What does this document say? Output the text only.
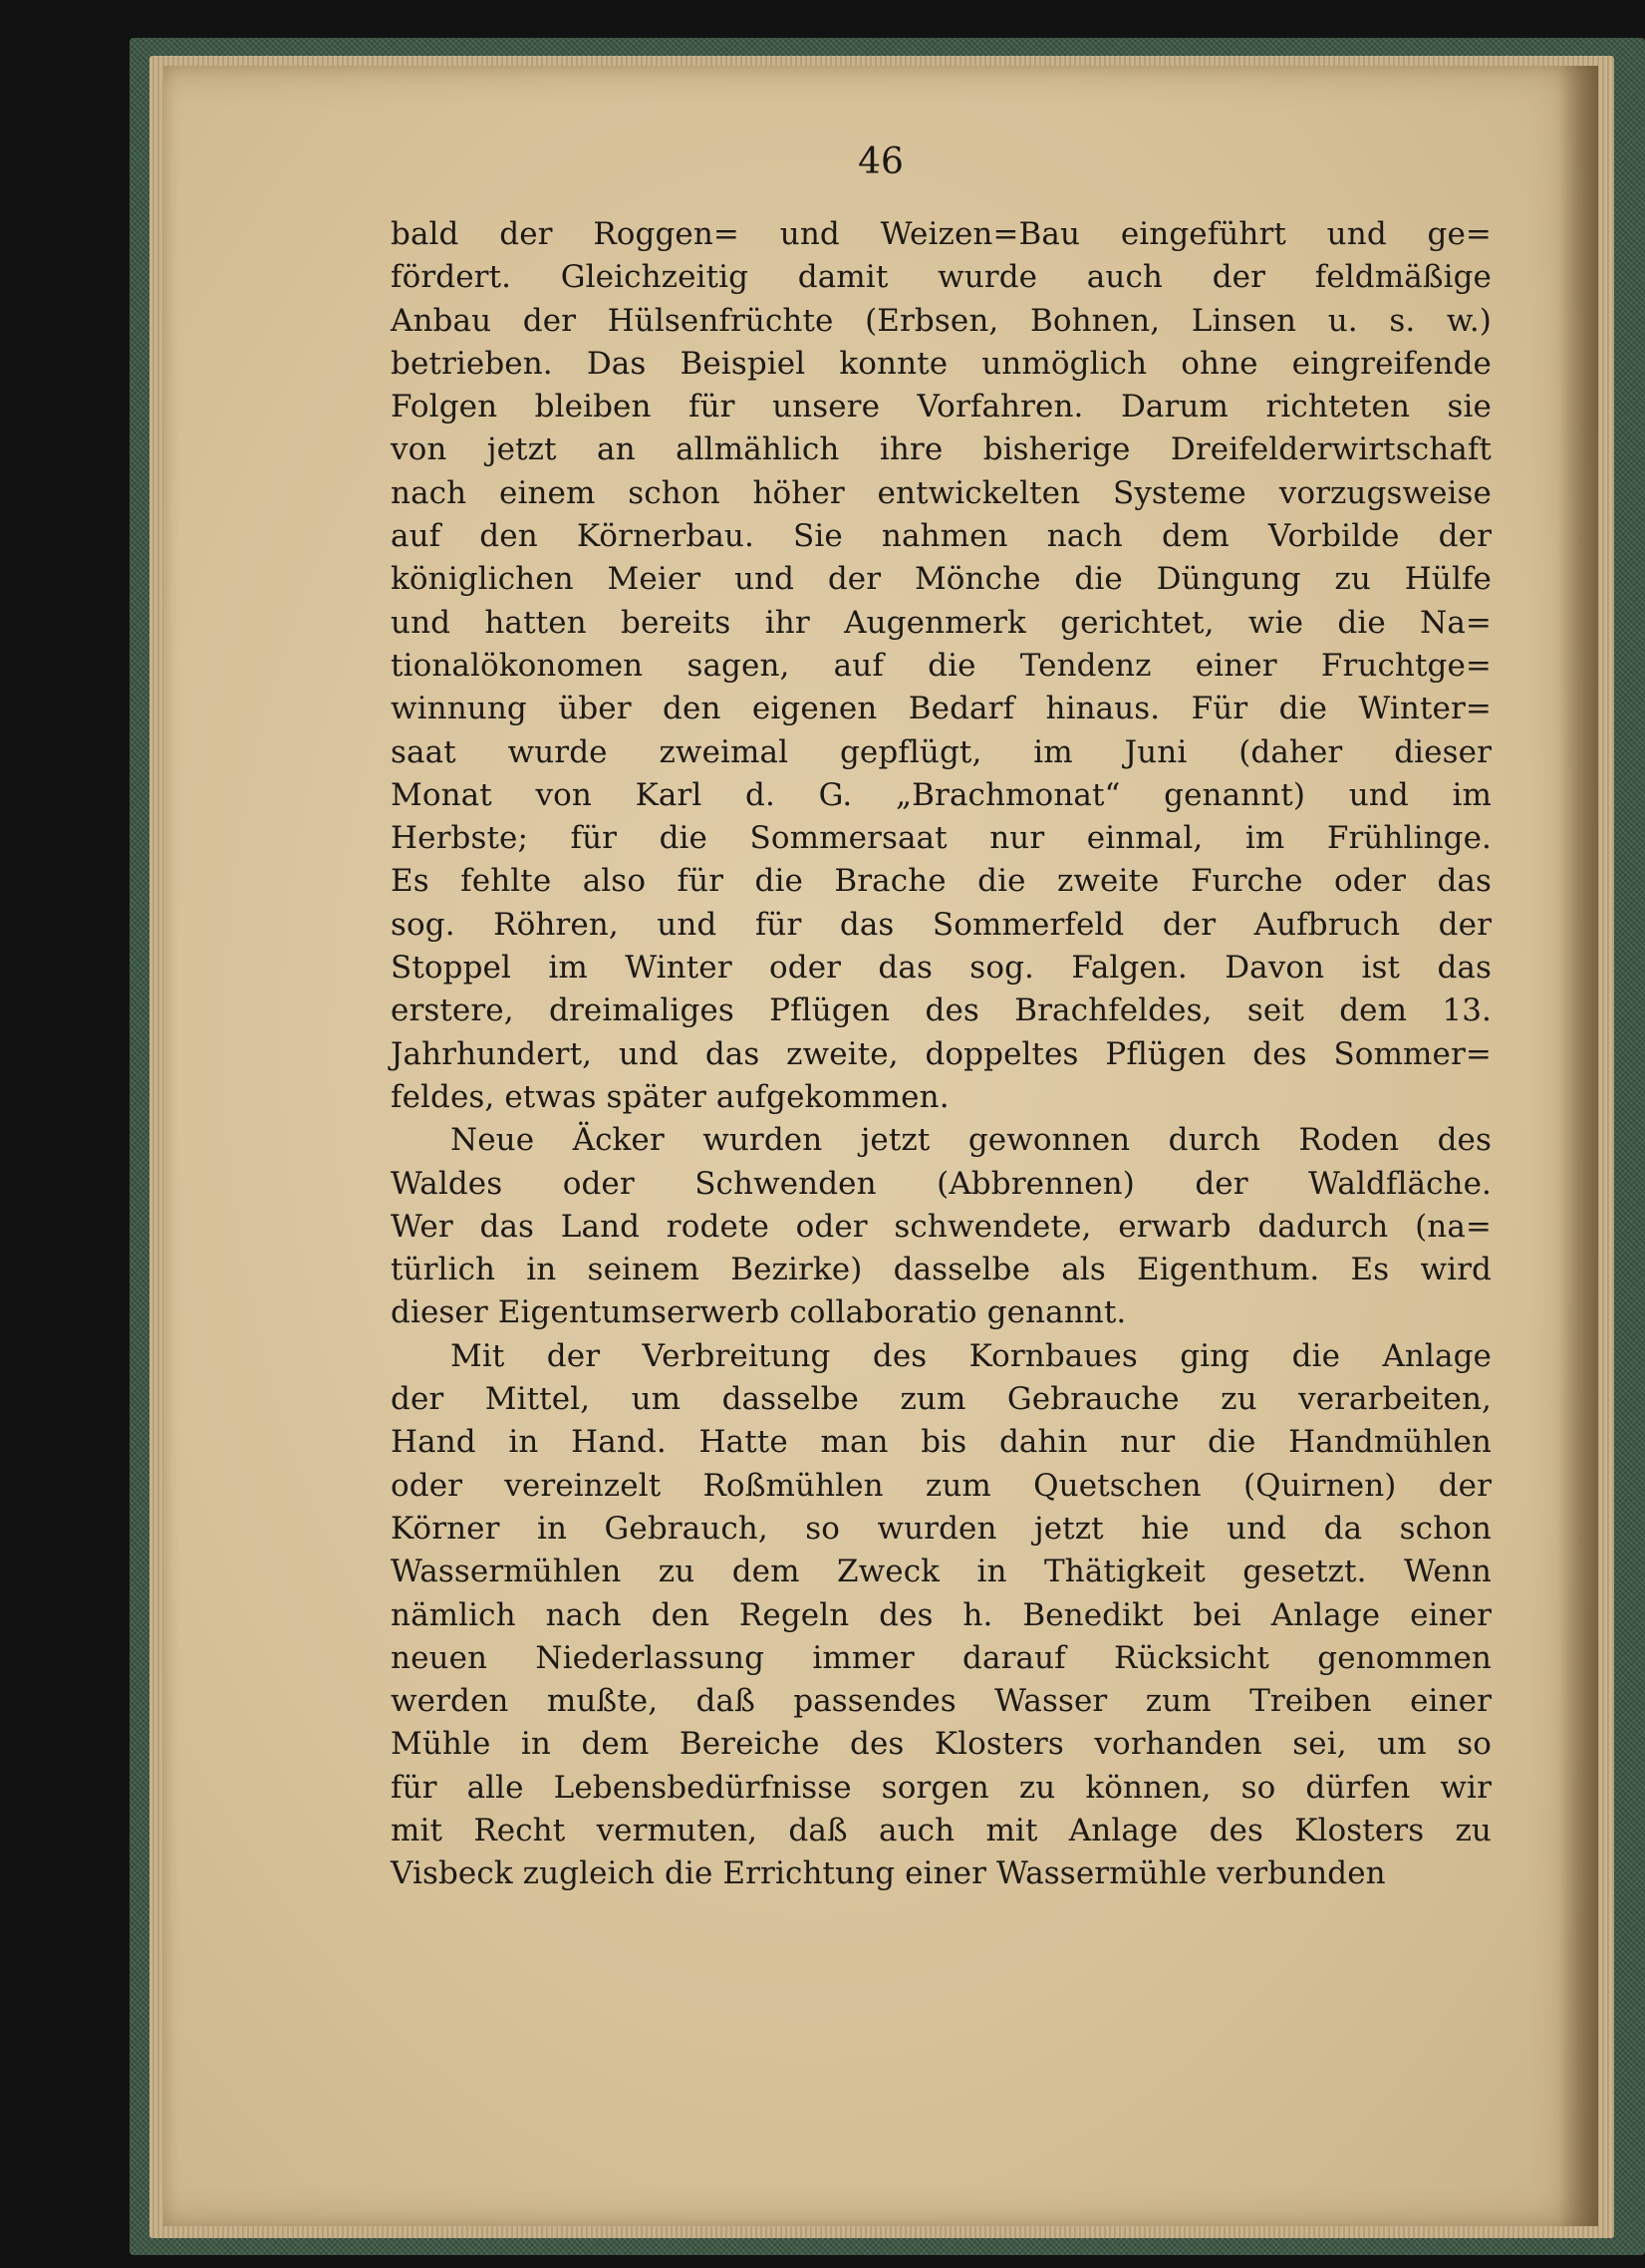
46
bald der Roggen= und Weizen=Bau eingeführt und ge=
fördert. Gleichzeitig damit wurde auch der feldmäßige
Anbau der Hülsenfrüchte (Erbsen, Bohnen, Linsen u. s. w.)
betrieben. Das Beispiel konnte unmöglich ohne eingreifende
Folgen bleiben für unsere Vorfahren. Darum richteten sie
von jetzt an allmählich ihre bisherige Dreifelderwirtschaft
nach einem schon höher entwickelten Systeme vorzugsweise
auf den Körnerbau. Sie nahmen nach dem Vorbilde der
königlichen Meier und der Mönche die Düngung zu Hülfe
und hatten bereits ihr Augenmerk gerichtet, wie die Na=
tionalökonomen sagen, auf die Tendenz einer Fruchtge=
winnung über den eigenen Bedarf hinaus. Für die Winter=
saat wurde zweimal gepflügt, im Juni (daher dieser
Monat von Karl d. G. „Brachmonat“ genannt) und im
Herbste; für die Sommersaat nur einmal, im Frühlinge.
Es fehlte also für die Brache die zweite Furche oder das
sog. Röhren, und für das Sommerfeld der Aufbruch der
Stoppel im Winter oder das sog. Falgen. Davon ist das
erstere, dreimaliges Pflügen des Brachfeldes, seit dem 13.
Jahrhundert, und das zweite, doppeltes Pflügen des Sommer=
feldes, etwas später aufgekommen.
Neue Äcker wurden jetzt gewonnen durch Roden des
Waldes oder Schwenden (Abbrennen) der Waldfläche.
Wer das Land rodete oder schwendete, erwarb dadurch (na=
türlich in seinem Bezirke) dasselbe als Eigenthum. Es wird
dieser Eigentumserwerb collaboratio genannt.
Mit der Verbreitung des Kornbaues ging die Anlage
der Mittel, um dasselbe zum Gebrauche zu verarbeiten,
Hand in Hand. Hatte man bis dahin nur die Handmühlen
oder vereinzelt Roßmühlen zum Quetschen (Quirnen) der
Körner in Gebrauch, so wurden jetzt hie und da schon
Wassermühlen zu dem Zweck in Thätigkeit gesetzt. Wenn
nämlich nach den Regeln des h. Benedikt bei Anlage einer
neuen Niederlassung immer darauf Rücksicht genommen
werden mußte, daß passendes Wasser zum Treiben einer
Mühle in dem Bereiche des Klosters vorhanden sei, um so
für alle Lebensbedürfnisse sorgen zu können, so dürfen wir
mit Recht vermuten, daß auch mit Anlage des Klosters zu
Visbeck zugleich die Errichtung einer Wassermühle verbunden
